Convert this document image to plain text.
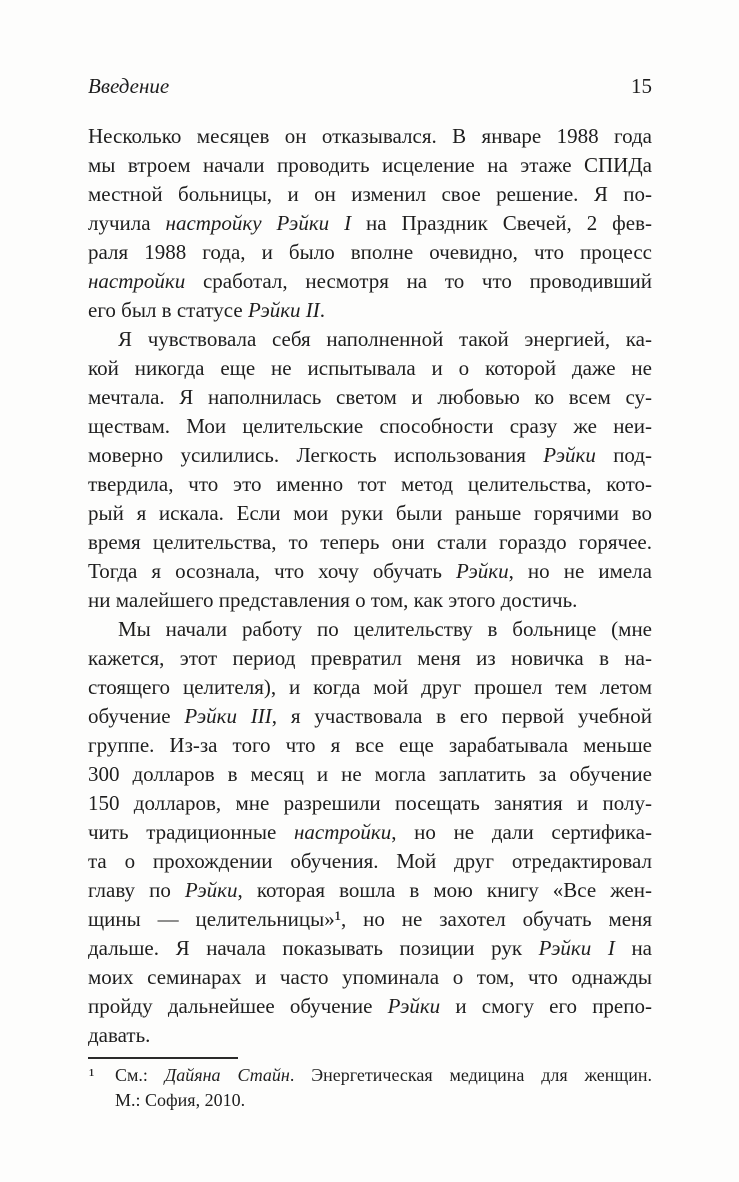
Введение	15
Несколько месяцев он отказывался. В январе 1988 года
мы втроем начали проводить исцеление на этаже СПИДа
местной больницы, и он изменил свое решение. Я по-
лучила настройку Рэйки I на Праздник Свечей, 2 фев-
раля 1988 года, и было вполне очевидно, что процесс
настройки сработал, несмотря на то что проводивший
его был в статусе Рэйки II.
Я чувствовала себя наполненной такой энергией, ка-
кой никогда еще не испытывала и о которой даже не
мечтала. Я наполнилась светом и любовью ко всем су-
ществам. Мои целительские способности сразу же неи-
моверно усилились. Легкость использования Рэйки под-
твердила, что это именно тот метод целительства, кото-
рый я искала. Если мои руки были раньше горячими во
время целительства, то теперь они стали гораздо горячее.
Тогда я осознала, что хочу обучать Рэйки, но не имела
ни малейшего представления о том, как этого достичь.
Мы начали работу по целительству в больнице (мне
кажется, этот период превратил меня из новичка в на-
стоящего целителя), и когда мой друг прошел тем летом
обучение Рэйки III, я участвовала в его первой учебной
группе. Из-за того что я все еще зарабатывала меньше
300 долларов в месяц и не могла заплатить за обучение
150 долларов, мне разрешили посещать занятия и полу-
чить традиционные настройки, но не дали сертифика-
та о прохождении обучения. Мой друг отредактировал
главу по Рэйки, которая вошла в мою книгу «Все жен-
щины — целительницы»¹, но не захотел обучать меня
дальше. Я начала показывать позиции рук Рэйки I на
моих семинарах и часто упоминала о том, что однажды
пройду дальнейшее обучение Рэйки и смогу его препо-
давать.
¹ См.: Дайяна Стайн. Энергетическая медицина для женщин.
М.: София, 2010.
